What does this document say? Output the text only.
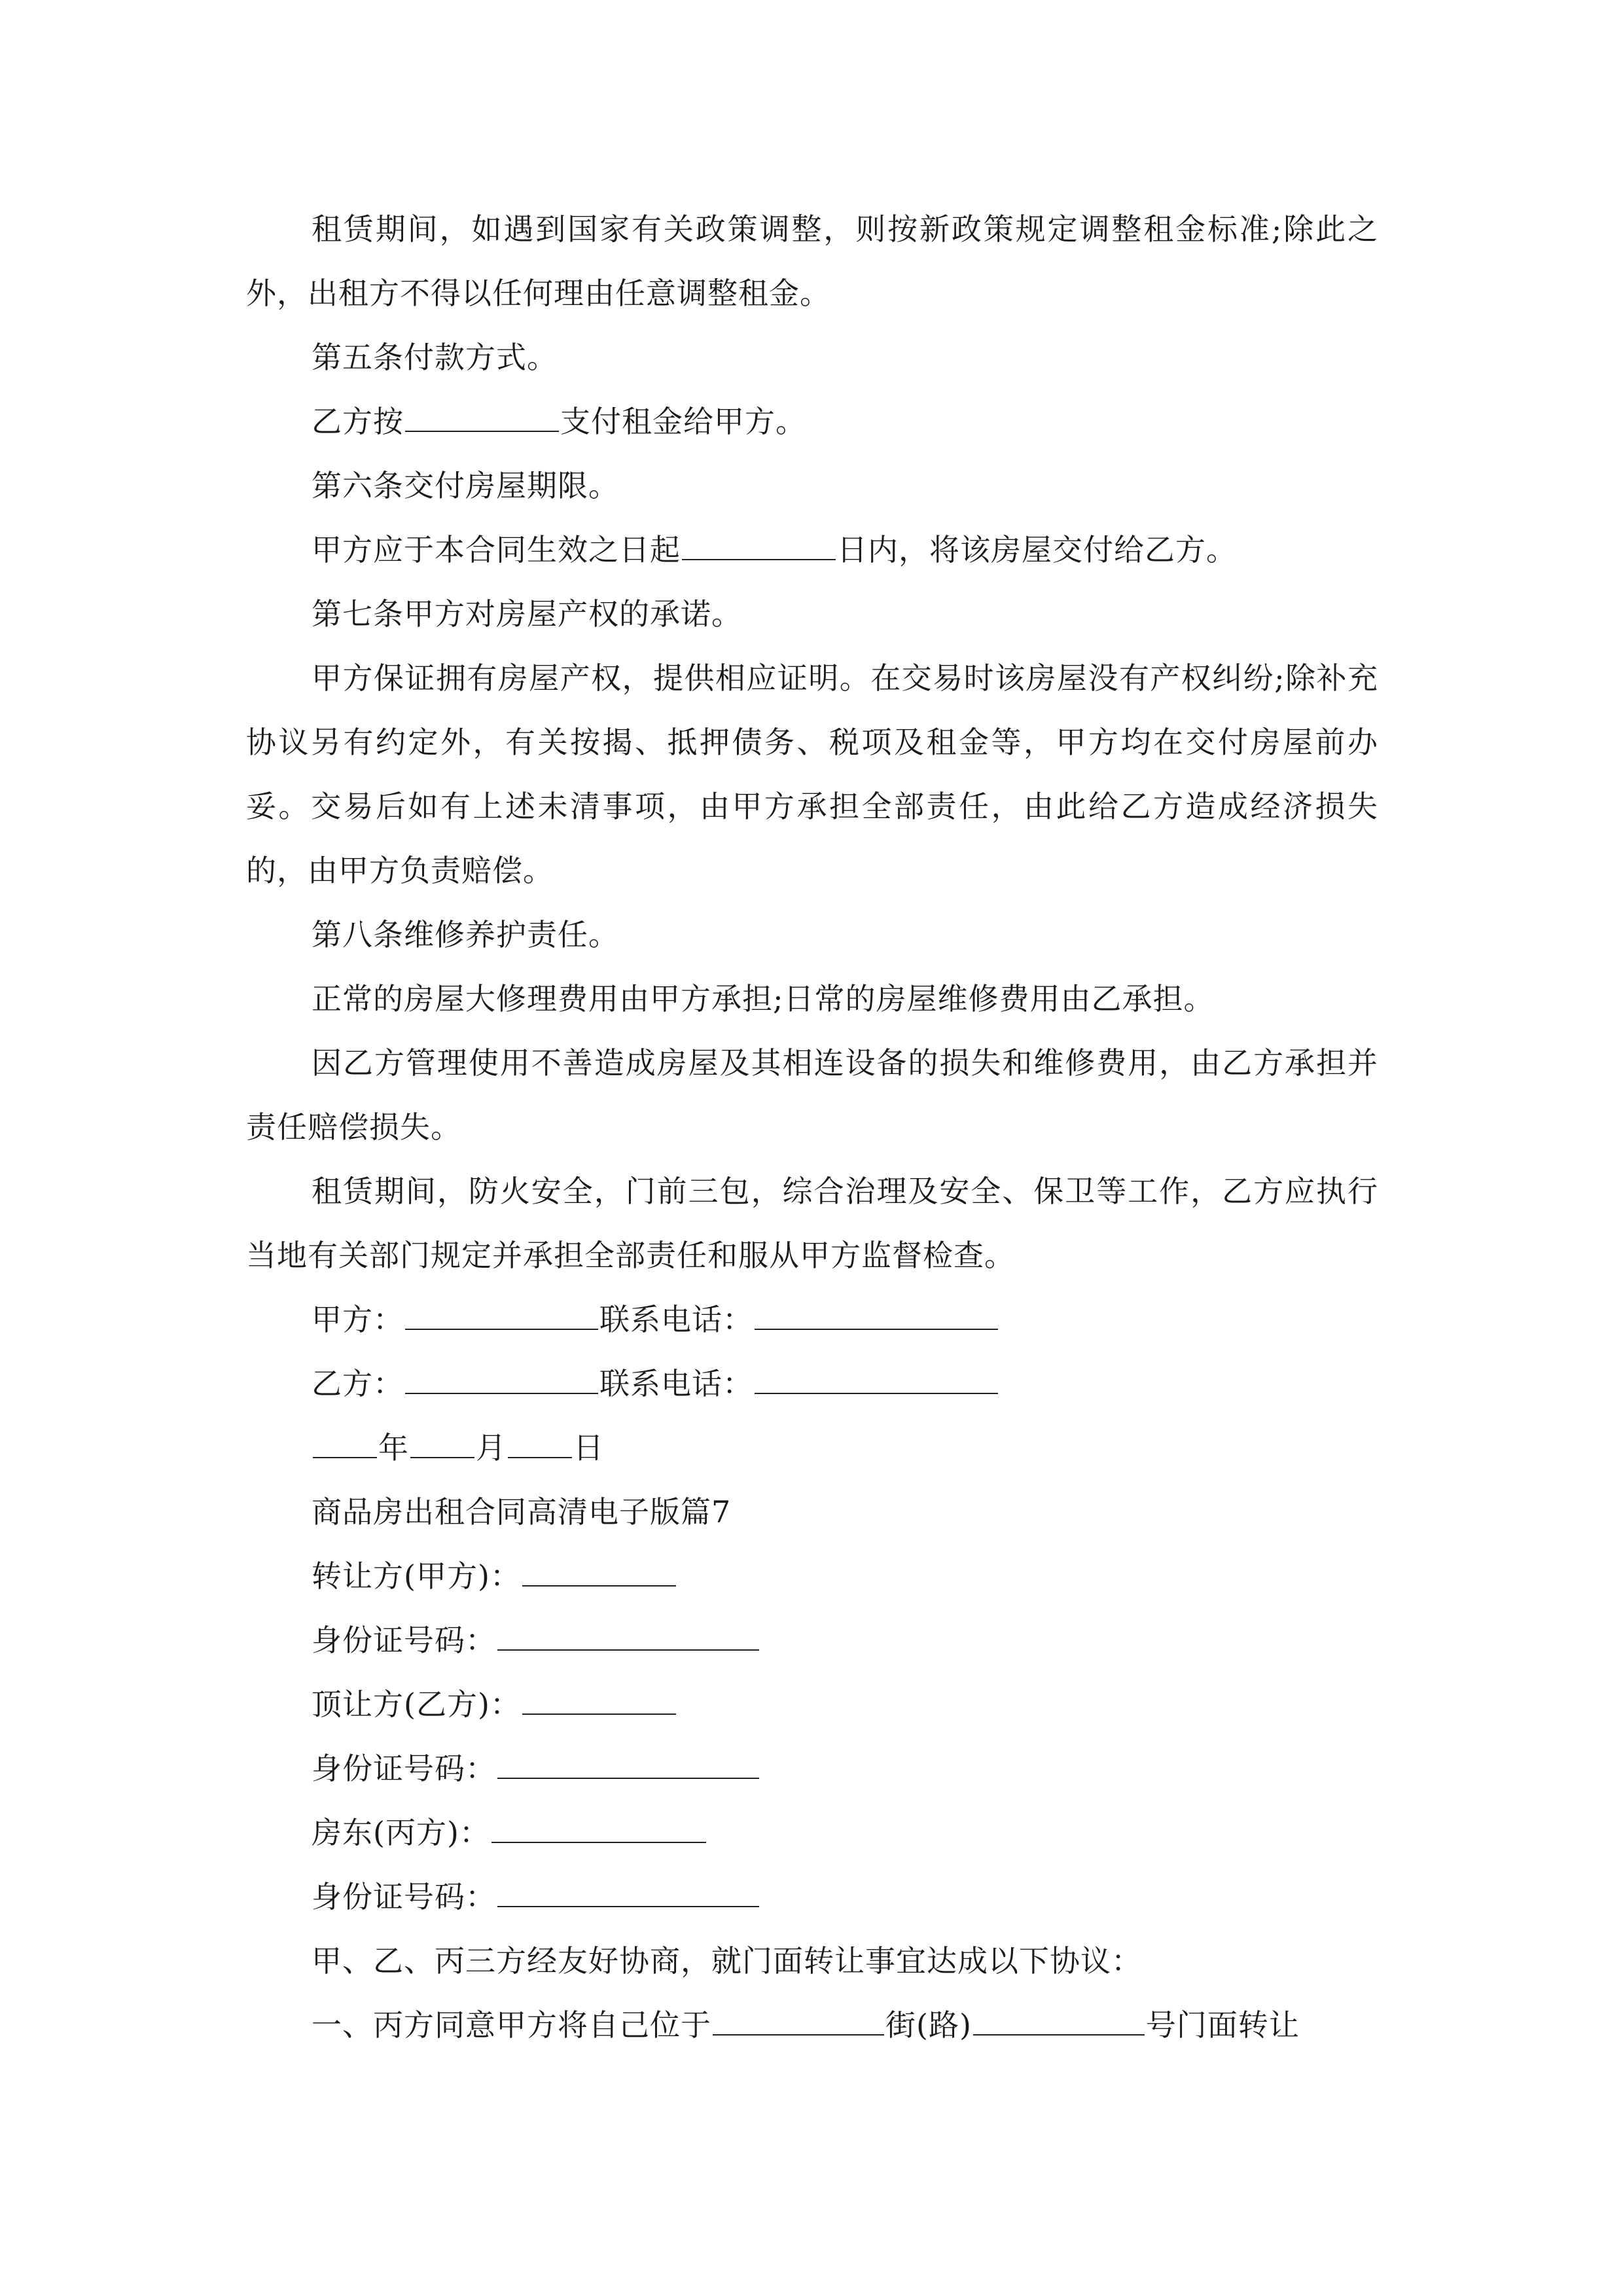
租赁期间，如遇到国家有关政策调整，则按新政策规定调整租金标准;除此之外，出租方不得以任何理由任意调整租金。

第五条付款方式。

乙方按	支付租金给甲方。

第六条交付房屋期限。

甲方应于本合同生效之日起	日内，将该房屋交付给乙方。

第七条甲方对房屋产权的承诺。

甲方保证拥有房屋产权，提供相应证明。在交易时该房屋没有产权纠纷;除补充协议另有约定外，有关按揭、抵押债务、税项及租金等，甲方均在交付房屋前办妥。交易后如有上述未清事项，由甲方承担全部责任，由此给乙方造成经济损失的，由甲方负责赔偿。

第八条维修养护责任。

正常的房屋大修理费用由甲方承担;日常的房屋维修费用由乙承担。

因乙方管理使用不善造成房屋及其相连设备的损失和维修费用，由乙方承担并责任赔偿损失。

租赁期间，防火安全，门前三包，综合治理及安全、保卫等工作，乙方应执行当地有关部门规定并承担全部责任和服从甲方监督检查。

甲方：	联系电话：

乙方：	联系电话：

年 月 日

商品房出租合同高清电子版篇7

转让方(甲方)：

身份证号码：

顶让方(乙方)：

身份证号码：

房东(丙方)：

身份证号码：

甲、乙、丙三方经友好协商，就门面转让事宜达成以下协议：

一、丙方同意甲方将自己位于	街(路)	号门面转让
